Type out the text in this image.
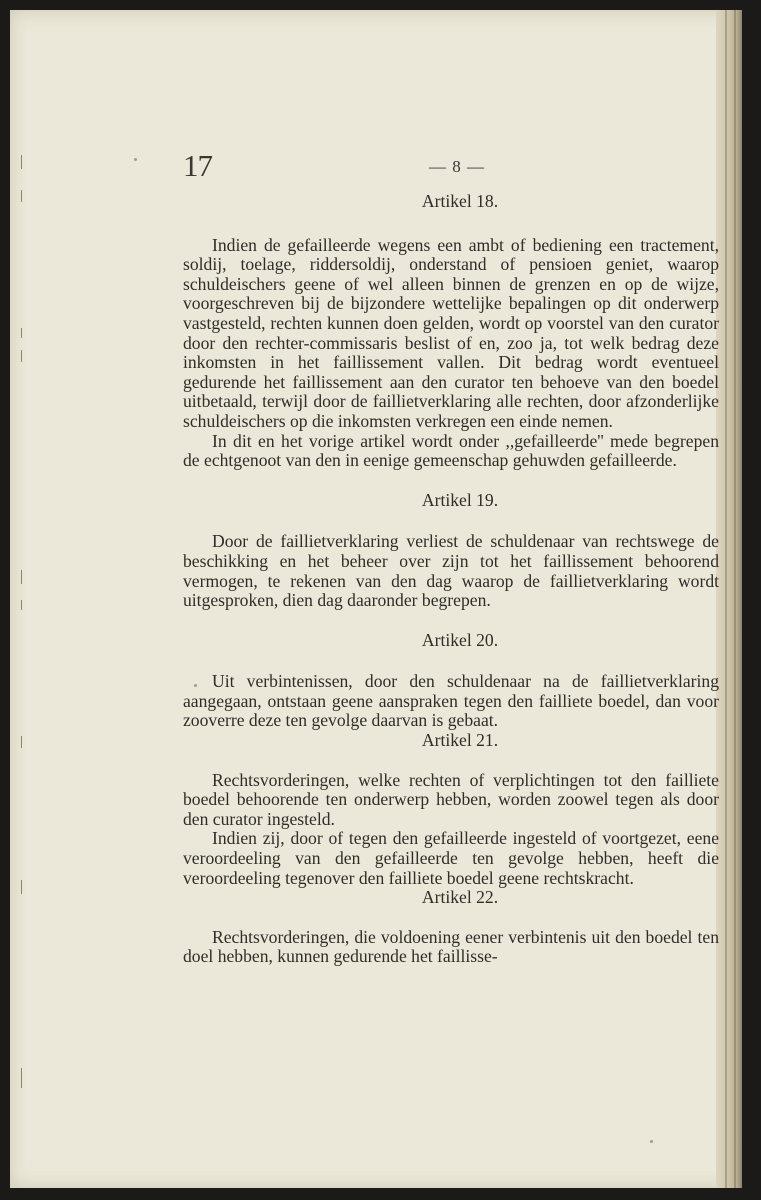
17	— 8 —

Artikel 18.

Indien de gefailleerde wegens een ambt of bediening een tractement, soldij, toelage, riddersoldij, onderstand of pensioen geniet, waarop schuldeischers geene of wel alleen binnen de grenzen en op de wijze, voorgeschreven bij de bijzondere wettelijke bepalingen op dit onderwerp vastgesteld, rechten kunnen doen gelden, wordt op voorstel van den curator door den rechter-commissaris beslist of en, zoo ja, tot welk bedrag deze inkomsten in het faillissement vallen. Dit bedrag wordt eventueel gedurende het faillissement aan den curator ten behoeve van den boedel uitbetaald, terwijl door de faillietverklaring alle rechten, door afzonderlijke schuldeischers op die inkomsten verkregen een einde nemen.

In dit en het vorige artikel wordt onder ,,gefailleerde'' mede begrepen de echtgenoot van den in eenige gemeenschap gehuwden gefailleerde.

Artikel 19.

Door de faillietverklaring verliest de schuldenaar van rechtswege de beschikking en het beheer over zijn tot het faillissement behoorend vermogen, te rekenen van den dag waarop de faillietverklaring wordt uitgesproken, dien dag daaronder begrepen.

Artikel 20.

Uit verbintenissen, door den schuldenaar na de faillietverklaring aangegaan, ontstaan geene aanspraken tegen den failliete boedel, dan voor zooverre deze ten gevolge daarvan is gebaat.

Artikel 21.

Rechtsvorderingen, welke rechten of verplichtingen tot den failliete boedel behoorende ten onderwerp hebben, worden zoowel tegen als door den curator ingesteld.

Indien zij, door of tegen den gefailleerde ingesteld of voortgezet, eene veroordeeling van den gefailleerde ten gevolge hebben, heeft die veroordeeling tegenover den failliete boedel geene rechtskracht.

Artikel 22.

Rechtsvorderingen, die voldoening eener verbintenis uit den boedel ten doel hebben, kunnen gedurende het faillisse-
